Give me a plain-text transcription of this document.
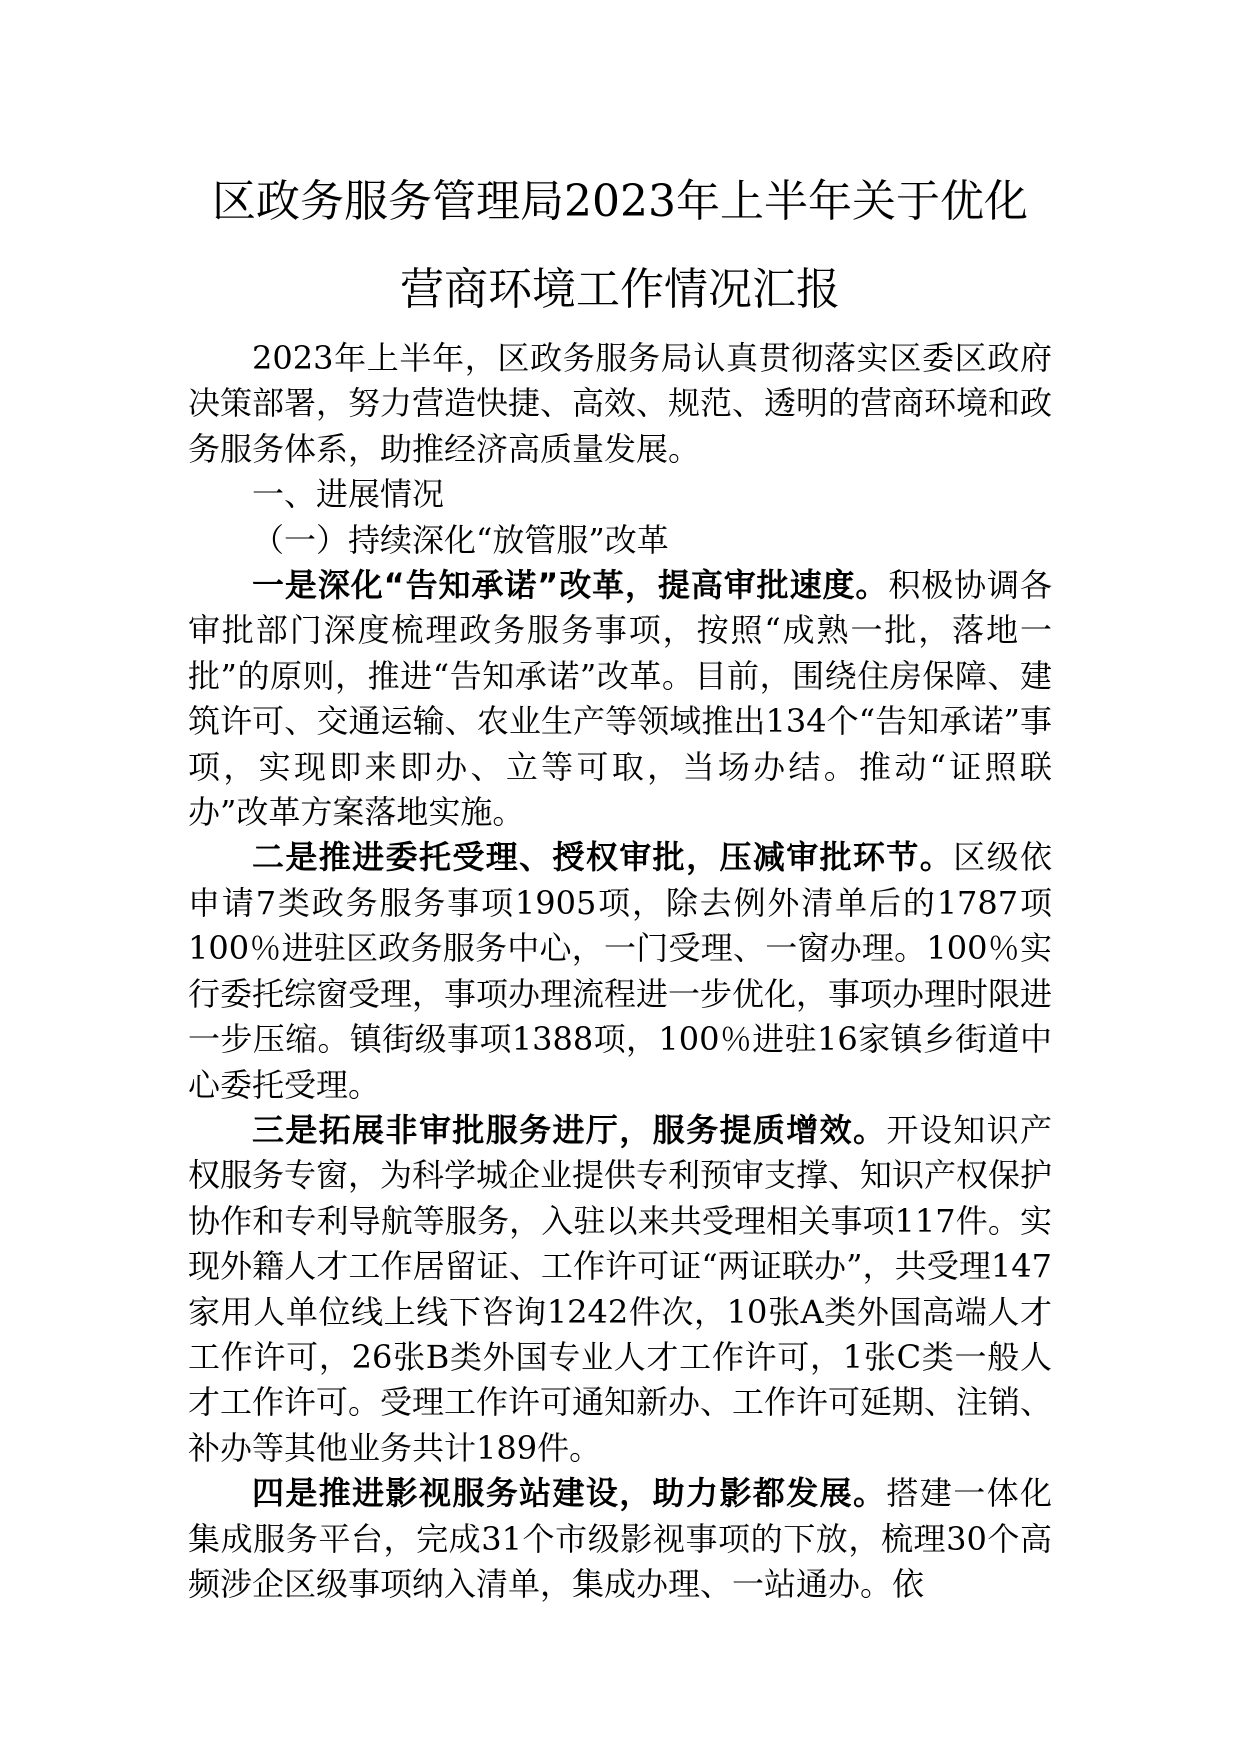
区政务服务管理局2023年上半年关于优化
营商环境工作情况汇报

2023年上半年，区政务服务局认真贯彻落实区委区政府决策部署，努力营造快捷、高效、规范、透明的营商环境和政务服务体系，助推经济高质量发展。

一、进展情况

（一）持续深化“放管服”改革

一是深化“告知承诺”改革，提高审批速度。积极协调各审批部门深度梳理政务服务事项，按照“成熟一批，落地一批”的原则，推进“告知承诺”改革。目前，围绕住房保障、建筑许可、交通运输、农业生产等领域推出134个“告知承诺”事项，实现即来即办、立等可取，当场办结。推动“证照联办”改革方案落地实施。

二是推进委托受理、授权审批，压减审批环节。区级依申请7类政务服务事项1905项，除去例外清单后的1787项100％进驻区政务服务中心，一门受理、一窗办理。100％实行委托综窗受理，事项办理流程进一步优化，事项办理时限进一步压缩。镇街级事项1388项，100％进驻16家镇乡街道中心委托受理。

三是拓展非审批服务进厅，服务提质增效。开设知识产权服务专窗，为科学城企业提供专利预审支撑、知识产权保护协作和专利导航等服务，入驻以来共受理相关事项117件。实现外籍人才工作居留证、工作许可证“两证联办”，共受理147家用人单位线上线下咨询1242件次，10张A类外国高端人才工作许可，26张B类外国专业人才工作许可，1张C类一般人才工作许可。受理工作许可通知新办、工作许可延期、注销、补办等其他业务共计189件。

四是推进影视服务站建设，助力影都发展。搭建一体化集成服务平台，完成31个市级影视事项的下放，梳理30个高频涉企区级事项纳入清单，集成办理、一站通办。依
